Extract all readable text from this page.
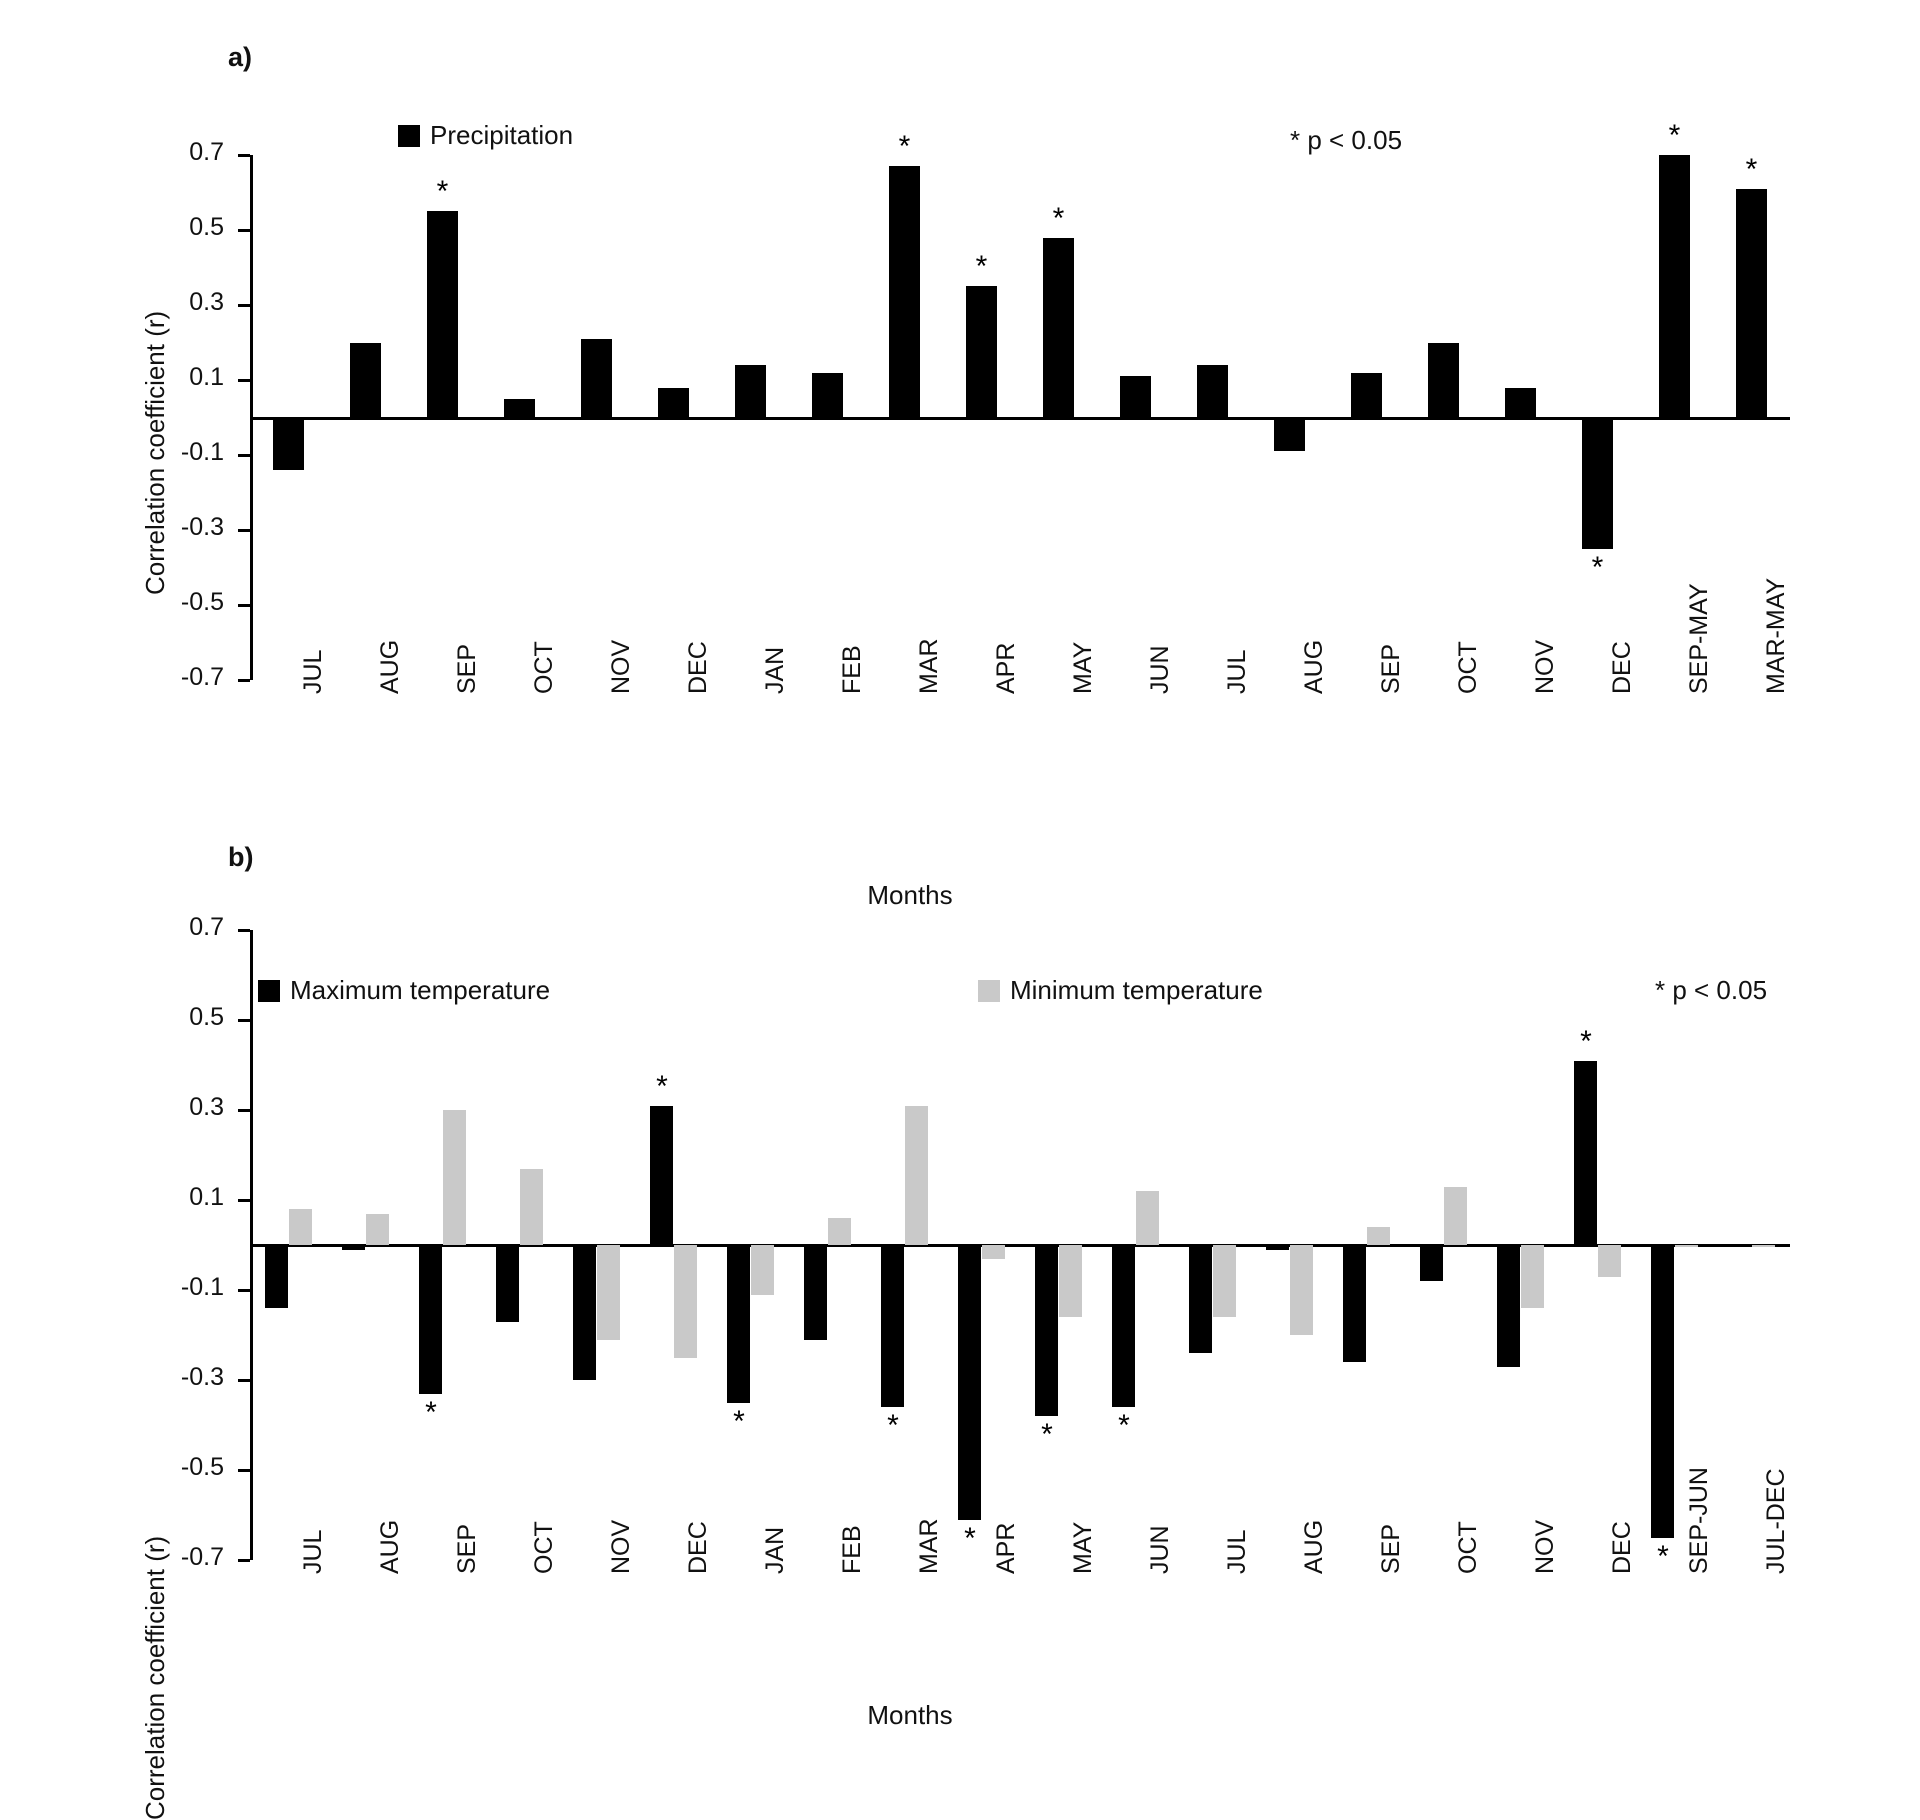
a)
Correlation coefficient (r)
Precipitation	* p < 0.05
0.7
0.5
0.3
0.1
-0.1
-0.3
-0.5
-0.7
*
*
*
*
*
*
*
JUL AUG SEP OCT NOV DEC JAN FEB MAR APR MAY JUN JUL AUG SEP OCT NOV DEC SEP-MAY MAR-MAY
b)
Months
Correlation coefficient (r)
Maximum temperature	Minimum temperature	* p < 0.05
0.7
0.5
0.3
0.1
-0.1
-0.3
-0.5
-0.7
*
*
*	*
*
* *
*
*
JUL AUG SEP OCT NOV DEC JAN FEB MAR APR MAY JUN JUL AUG SEP OCT NOV DEC SEP-JUN JUL-DEC
Months
